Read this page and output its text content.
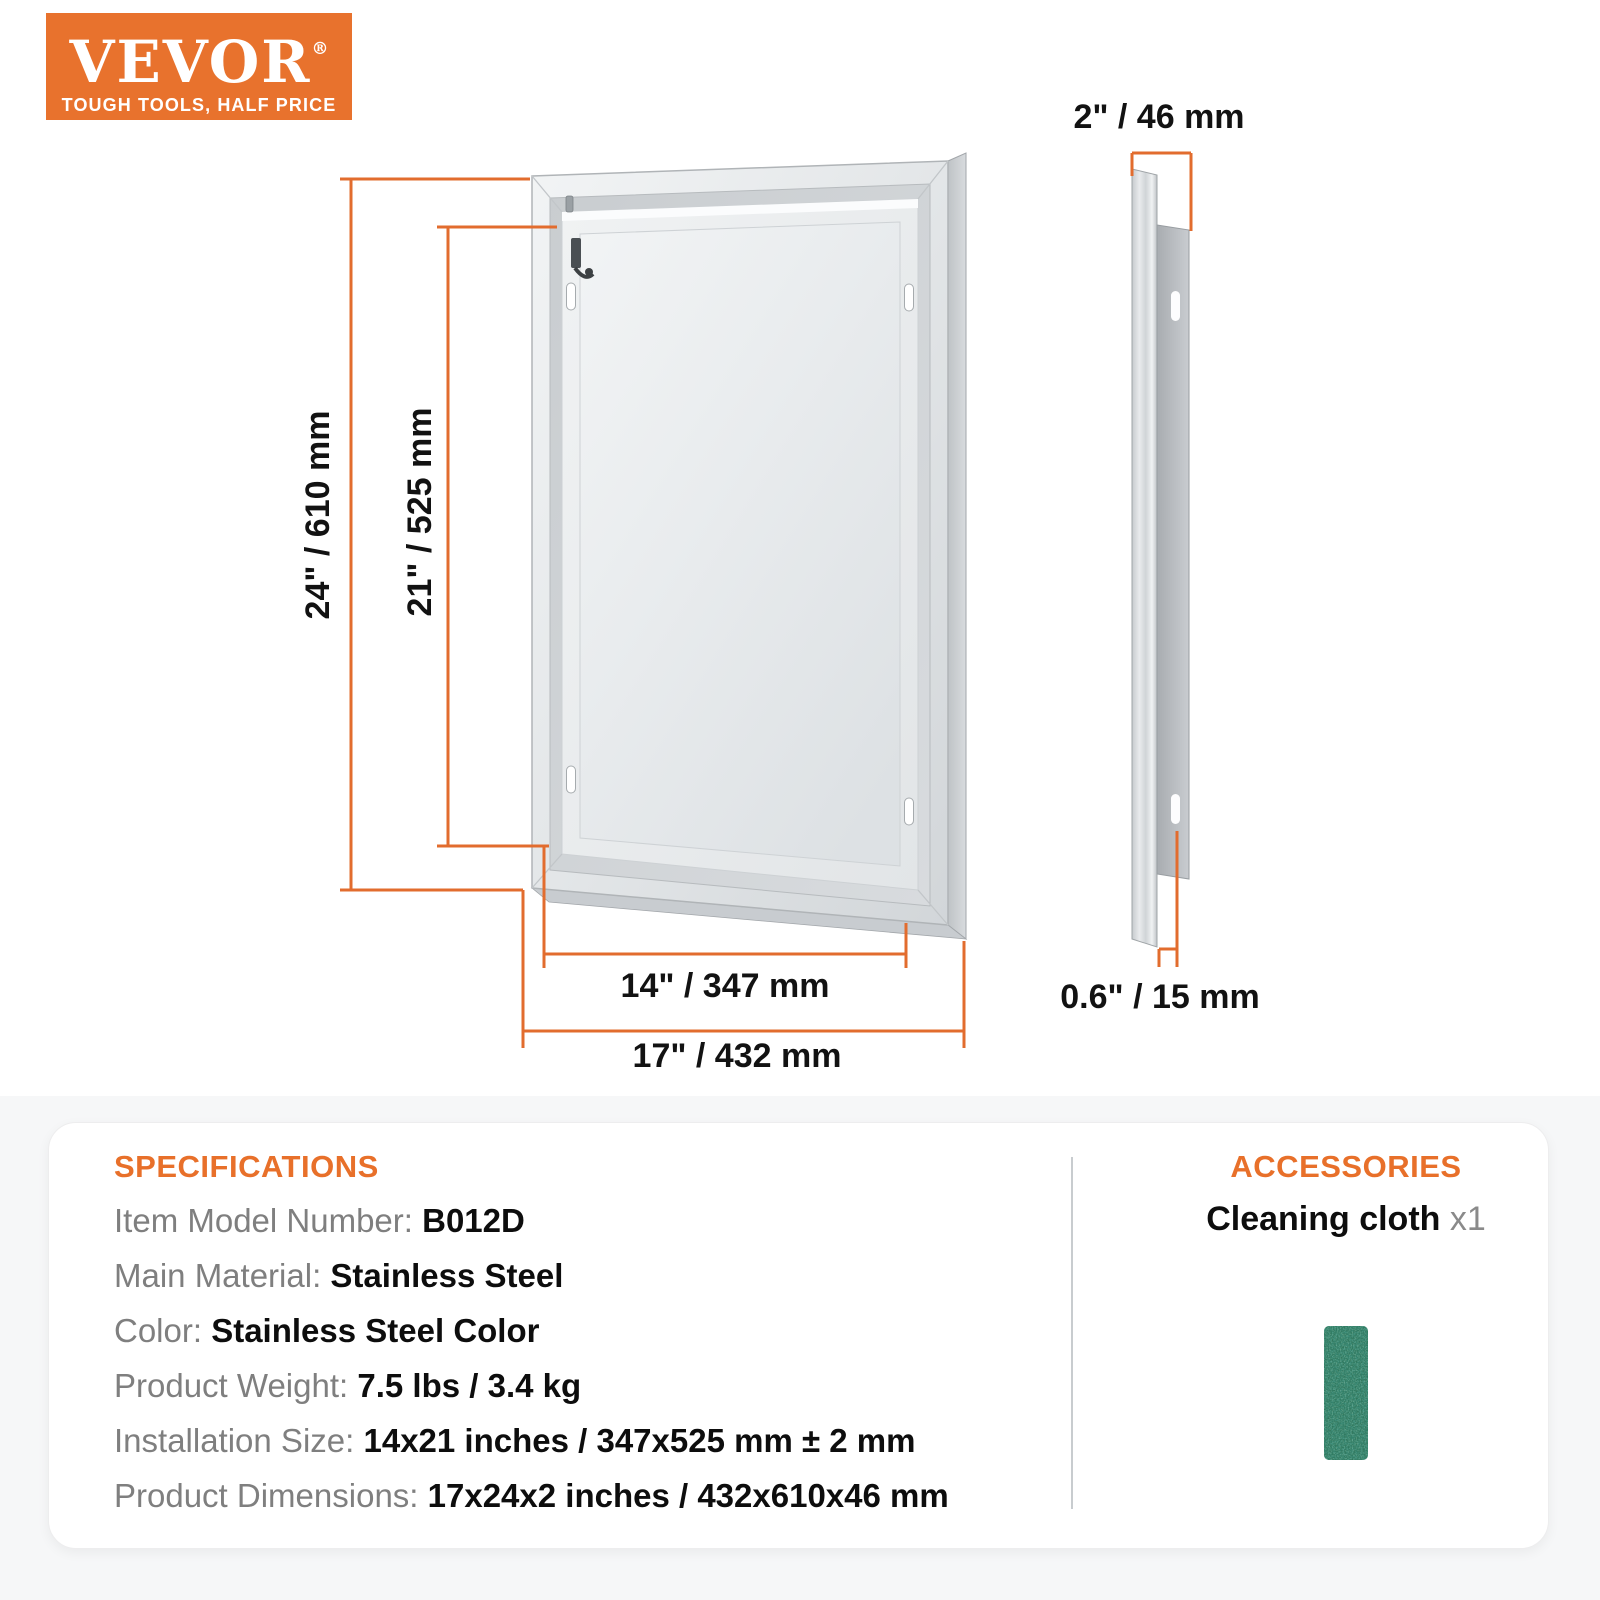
VEVOR®
TOUGH TOOLS, HALF PRICE
24" / 610 mm 21" / 525 mm
14" / 347 mm
17" / 432 mm
2" / 46 mm
0.6" / 15 mm
SPECIFICATIONS
Item Model Number: B012D
Main Material: Stainless Steel
Color: Stainless Steel Color
Product Weight: 7.5 lbs / 3.4 kg
Installation Size: 14x21 inches / 347x525 mm ± 2 mm
Product Dimensions: 17x24x2 inches / 432x610x46 mm
ACCESSORIES
Cleaning cloth x1
